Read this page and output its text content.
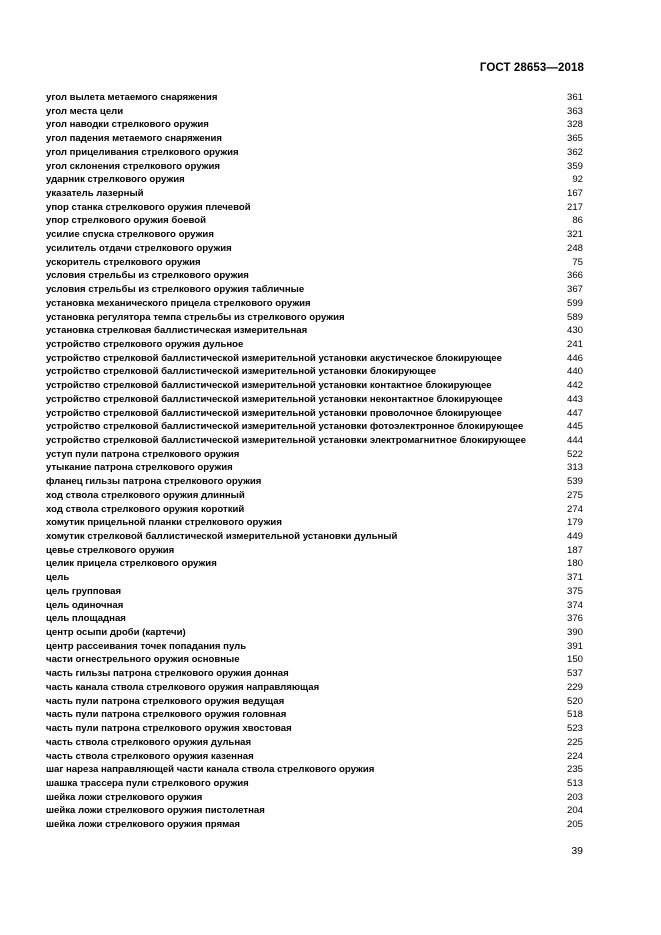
ГОСТ 28653—2018
угол вылета метаемого снаряжения	361
угол места цели	363
угол наводки стрелкового оружия	328
угол падения метаемого снаряжения	365
угол прицеливания стрелкового оружия	362
угол склонения стрелкового оружия	359
ударник стрелкового оружия	92
указатель лазерный	167
упор станка стрелкового оружия плечевой	217
упор стрелкового оружия боевой	86
усилие спуска стрелкового оружия	321
усилитель отдачи стрелкового оружия	248
ускоритель стрелкового оружия	75
условия стрельбы из стрелкового оружия	366
условия стрельбы из стрелкового оружия табличные	367
установка механического прицела стрелкового оружия	599
установка регулятора темпа стрельбы из стрелкового оружия	589
установка стрелковая баллистическая измерительная	430
устройство стрелкового оружия дульное	241
устройство стрелковой баллистической измерительной установки акустическое блокирующее	446
устройство стрелковой баллистической измерительной установки блокирующее	440
устройство стрелковой баллистической измерительной установки контактное блокирующее	442
устройство стрелковой баллистической измерительной установки неконтактное блокирующее	443
устройство стрелковой баллистической измерительной установки проволочное блокирующее	447
устройство стрелковой баллистической измерительной установки фотоэлектронное блокирующее	445
устройство стрелковой баллистической измерительной установки электромагнитное блокирующее	444
уступ пули патрона стрелкового оружия	522
утыкание патрона стрелкового оружия	313
фланец гильзы патрона стрелкового оружия	539
ход ствола стрелкового оружия длинный	275
ход ствола стрелкового оружия короткий	274
хомутик прицельной планки стрелкового оружия	179
хомутик стрелковой баллистической измерительной установки дульный	449
цевье стрелкового оружия	187
целик прицела стрелкового оружия	180
цель	371
цель групповая	375
цель одиночная	374
цель площадная	376
центр осыпи дроби (картечи)	390
центр рассеивания точек попадания пуль	391
части огнестрельного оружия основные	150
часть гильзы патрона стрелкового оружия донная	537
часть канала ствола стрелкового оружия направляющая	229
часть пули патрона стрелкового оружия ведущая	520
часть пули патрона стрелкового оружия головная	518
часть пули патрона стрелкового оружия хвостовая	523
часть ствола стрелкового оружия дульная	225
часть ствола стрелкового оружия казенная	224
шаг нареза направляющей части канала ствола стрелкового оружия	235
шашка трассера пули стрелкового оружия	513
шейка ложи стрелкового оружия	203
шейка ложи стрелкового оружия пистолетная	204
шейка ложи стрелкового оружия прямая	205
39
